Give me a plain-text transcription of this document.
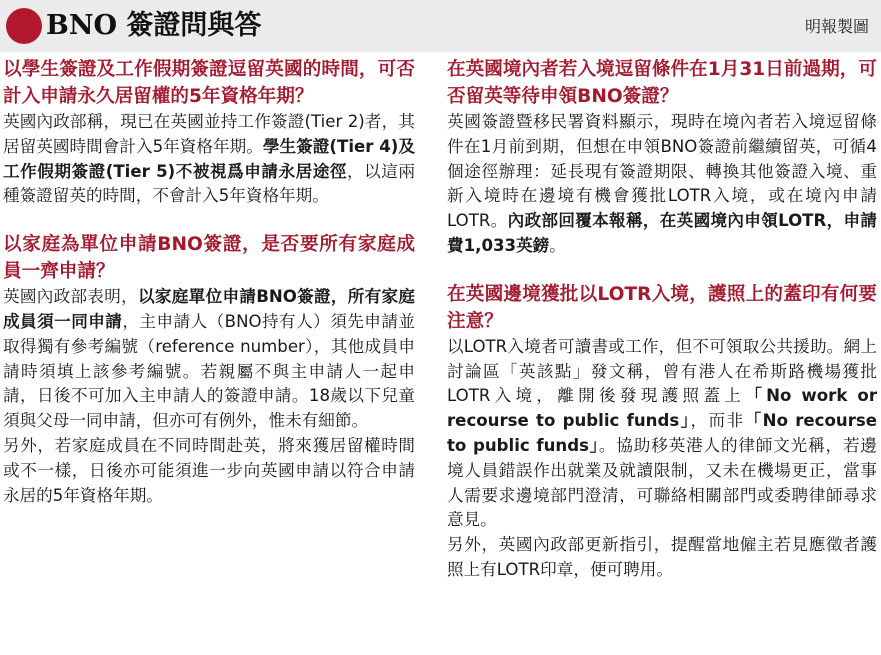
BNO 簽證問與答	明報製圖

以學生簽證及工作假期簽證逗留英國的時間，可否計入申請永久居留權的5年資格年期？

英國內政部稱，現已在英國並持工作簽證(Tier 2)者，其居留英國時間會計入5年資格年期。學生簽證(Tier 4)及工作假期簽證(Tier 5)不被視爲申請永居途徑，以這兩種簽證留英的時間，不會計入5年資格年期。

以家庭為單位申請BNO簽證，是否要所有家庭成員一齊申請？

英國內政部表明，以家庭單位申請BNO簽證，所有家庭成員須一同申請，主申請人（BNO持有人）須先申請並取得獨有參考編號（reference number），其他成員申請時須填上該參考編號。若親屬不與主申請人一起申請，日後不可加入主申請人的簽證申請。18歲以下兒童須與父母一同申請，但亦可有例外，惟未有細節。

另外，若家庭成員在不同時間赴英，將來獲居留權時間或不一樣，日後亦可能須進一步向英國申請以符合申請永居的5年資格年期。

在英國境內者若入境逗留條件在1月31日前過期，可否留英等待申領BNO簽證？

英國簽證暨移民署資料顯示，現時在境內者若入境逗留條件在1月前到期，但想在申領BNO簽證前繼續留英，可循4個途徑辦理：延長現有簽證期限、轉換其他簽證入境、重新入境時在邊境有機會獲批LOTR入境，或在境內申請LOTR。內政部回覆本報稱，在英國境內申領LOTR，申請費1,033英鎊。

在英國邊境獲批以LOTR入境，護照上的蓋印有何要注意？

以LOTR入境者可讀書或工作，但不可領取公共援助。網上討論區「英該點」發文稱，曾有港人在希斯路機場獲批LOTR入境，離開後發現護照蓋上「No work or recourse to public funds」，而非「No recourse to public funds」。協助移英港人的律師文光稱，若邊境人員錯誤作出就業及就讀限制，又未在機場更正，當事人需要求邊境部門澄清，可聯絡相關部門或委聘律師尋求意見。

另外，英國內政部更新指引，提醒當地僱主若見應徵者護照上有LOTR印章，便可聘用。
